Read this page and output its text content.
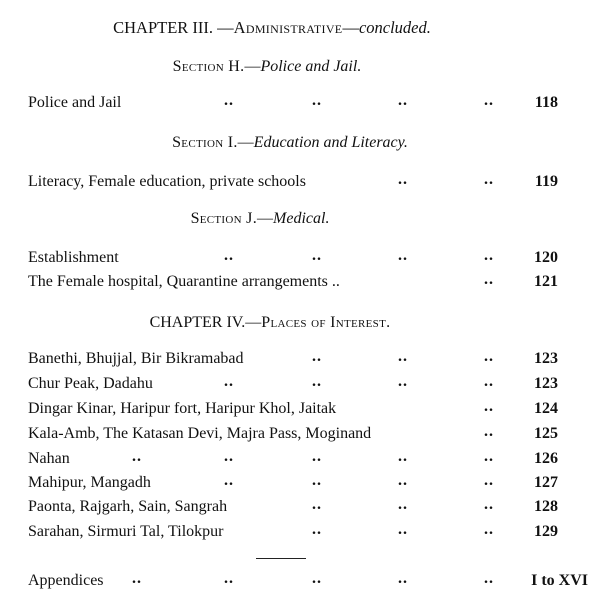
CHAPTER III. —Administrative—concluded.
Section H.—Police and Jail.
Police and Jail	..	..	..	..	118
Section I.—Education and Literacy.
Literacy, Female education, private schools	..	..	119
Section J.—Medical.
Establishment	..	..	..	..	120
The Female hospital, Quarantine arrangements ..	..	121
CHAPTER IV.—Places of Interest.
Banethi, Bhujjal, Bir Bikramabad	..	..	..	123
Chur Peak, Dadahu	..	..	..	..	123
Dingar Kinar, Haripur fort, Haripur Khol, Jaitak	..	124
Kala-Amb, The Katasan Devi, Majra Pass, Moginand	..	125
Nahan	..	..	..	..	..	126
Mahipur, Mangadh	..	..	..	..	127
Paonta, Rajgarh, Sain, Sangrah	..	..	..	128
Sarahan, Sirmuri Tal, Tilokpur	..	..	..	129
Appendices ..	..	..	..	.. I to XVI
